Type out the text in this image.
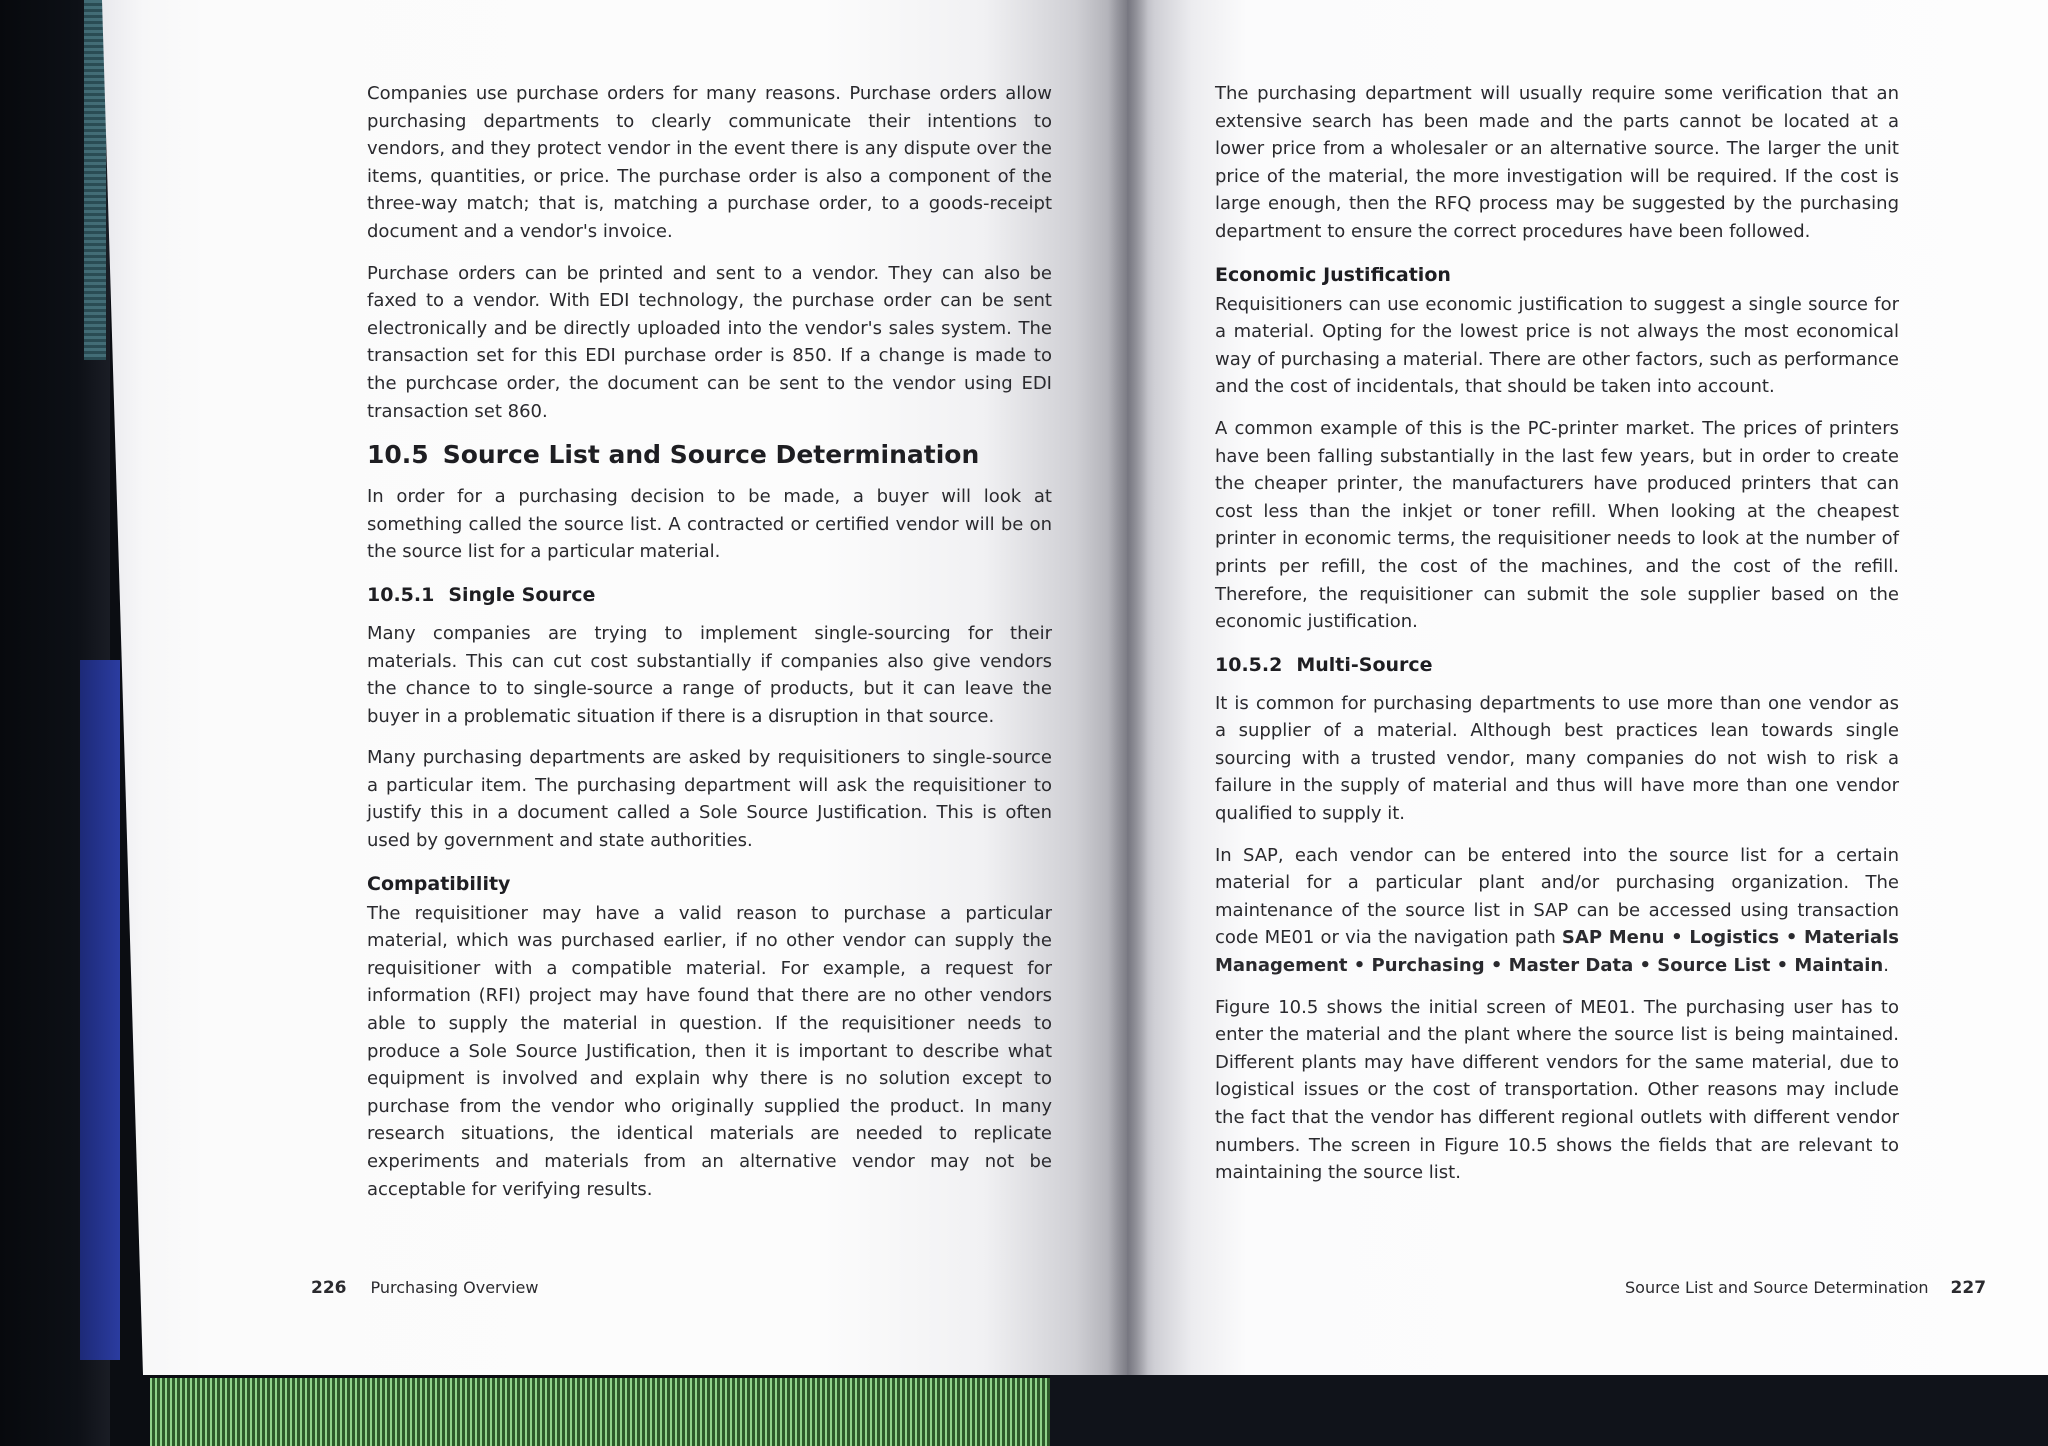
Companies use purchase orders for many reasons. Purchase orders allow purchasing departments to clearly communicate their intentions to vendors, and they protect vendor in the event there is any dispute over the items, quantities, or price. The purchase order is also a component of the three-way match; that is, matching a purchase order, to a goods-receipt document and a vendor's invoice.

Purchase orders can be printed and sent to a vendor. They can also be faxed to a vendor. With EDI technology, the purchase order can be sent electronically and be directly uploaded into the vendor's sales system. The transaction set for this EDI purchase order is 850. If a change is made to the purchcase order, the document can be sent to the vendor using EDI transaction set 860.

10.5 Source List and Source Determination

In order for a purchasing decision to be made, a buyer will look at something called the source list. A contracted or certified vendor will be on the source list for a particular material.

10.5.1 Single Source

Many companies are trying to implement single-sourcing for their materials. This can cut cost substantially if companies also give vendors the chance to to single-source a range of products, but it can leave the buyer in a problematic situation if there is a disruption in that source.

Many purchasing departments are asked by requisitioners to single-source a particular item. The purchasing department will ask the requisitioner to justify this in a document called a Sole Source Justification. This is often used by government and state authorities.

Compatibility

The requisitioner may have a valid reason to purchase a particular material, which was purchased earlier, if no other vendor can supply the requisitioner with a compatible material. For example, a request for information (RFI) project may have found that there are no other vendors able to supply the material in question. If the requisitioner needs to produce a Sole Source Justification, then it is important to describe what equipment is involved and explain why there is no solution except to purchase from the vendor who originally supplied the product. In many research situations, the identical materials are needed to replicate experiments and materials from an alternative vendor may not be acceptable for verifying results.

226 Purchasing Overview

The purchasing department will usually require some verification that an extensive search has been made and the parts cannot be located at a lower price from a wholesaler or an alternative source. The larger the unit price of the material, the more investigation will be required. If the cost is large enough, then the RFQ process may be suggested by the purchasing department to ensure the correct procedures have been followed.

Economic Justification

Requisitioners can use economic justification to suggest a single source for a material. Opting for the lowest price is not always the most economical way of purchasing a material. There are other factors, such as performance and the cost of incidentals, that should be taken into account.

A common example of this is the PC-printer market. The prices of printers have been falling substantially in the last few years, but in order to create the cheaper printer, the manufacturers have produced printers that can cost less than the inkjet or toner refill. When looking at the cheapest printer in economic terms, the requisitioner needs to look at the number of prints per refill, the cost of the machines, and the cost of the refill. Therefore, the requisitioner can submit the sole supplier based on the economic justification.

10.5.2 Multi-Source

It is common for purchasing departments to use more than one vendor as a supplier of a material. Although best practices lean towards single sourcing with a trusted vendor, many companies do not wish to risk a failure in the supply of material and thus will have more than one vendor qualified to supply it.

In SAP, each vendor can be entered into the source list for a certain material for a particular plant and/or purchasing organization. The maintenance of the source list in SAP can be accessed using transaction code ME01 or via the navigation path SAP Menu • Logistics • Materials Management • Purchasing • Master Data • Source List • Maintain.

Figure 10.5 shows the initial screen of ME01. The purchasing user has to enter the material and the plant where the source list is being maintained. Different plants may have different vendors for the same material, due to logistical issues or the cost of transportation. Other reasons may include the fact that the vendor has different regional outlets with different vendor numbers. The screen in Figure 10.5 shows the fields that are relevant to maintaining the source list.

Source List and Source Determination 227
